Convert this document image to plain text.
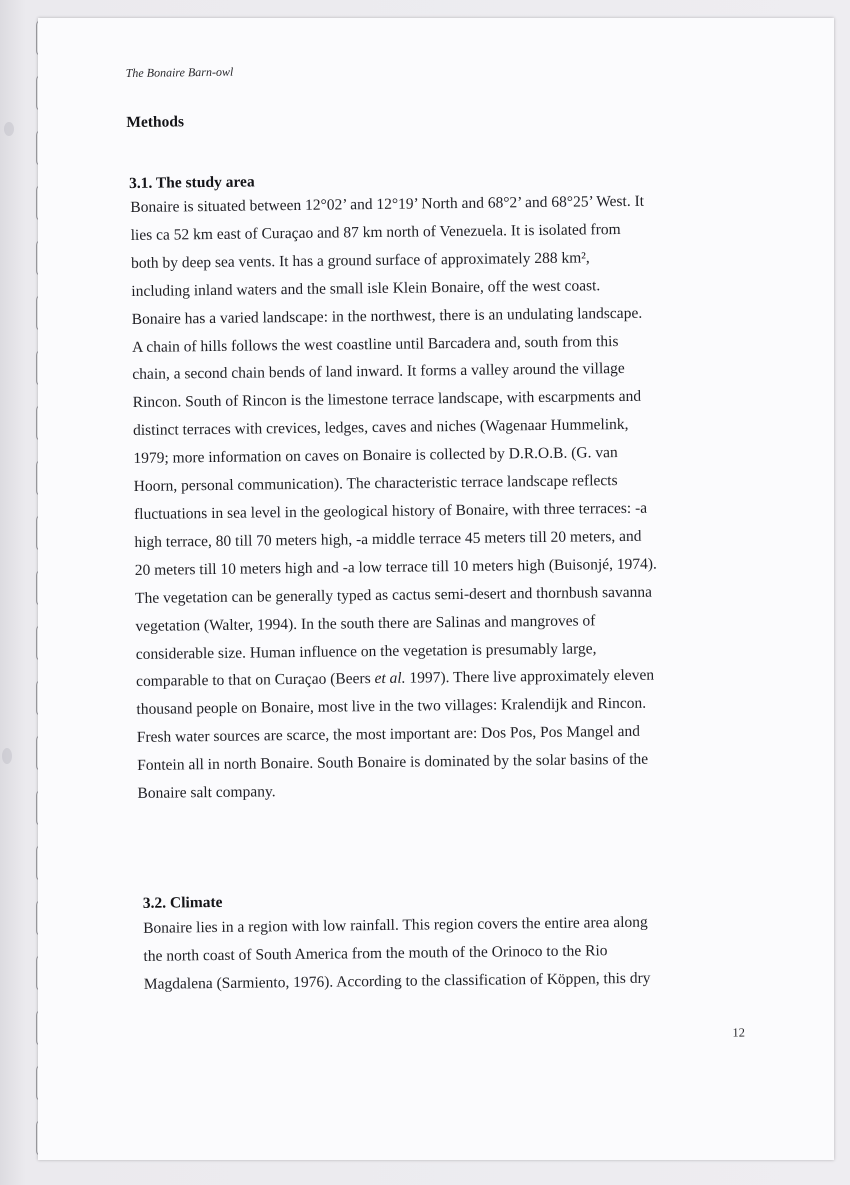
The Bonaire Barn-owl
Methods
3.1. The study area
Bonaire is situated between 12°02’ and 12°19’ North and 68°2’ and 68°25’ West. It
lies ca 52 km east of Curaçao and 87 km north of Venezuela. It is isolated from
both by deep sea vents. It has a ground surface of approximately 288 km²,
including inland waters and the small isle Klein Bonaire, off the west coast.
Bonaire has a varied landscape: in the northwest, there is an undulating landscape.
A chain of hills follows the west coastline until Barcadera and, south from this
chain, a second chain bends of land inward. It forms a valley around the village
Rincon. South of Rincon is the limestone terrace landscape, with escarpments and
distinct terraces with crevices, ledges, caves and niches (Wagenaar Hummelink,
1979; more information on caves on Bonaire is collected by D.R.O.B. (G. van
Hoorn, personal communication). The characteristic terrace landscape reflects
fluctuations in sea level in the geological history of Bonaire, with three terraces: -a
high terrace, 80 till 70 meters high, -a middle terrace 45 meters till 20 meters, and
20 meters till 10 meters high and -a low terrace till 10 meters high (Buisonjé, 1974).
The vegetation can be generally typed as cactus semi-desert and thornbush savanna
vegetation (Walter, 1994). In the south there are Salinas and mangroves of
considerable size. Human influence on the vegetation is presumably large,
comparable to that on Curaçao (Beers et al. 1997). There live approximately eleven
thousand people on Bonaire, most live in the two villages: Kralendijk and Rincon.
Fresh water sources are scarce, the most important are: Dos Pos, Pos Mangel and
Fontein all in north Bonaire. South Bonaire is dominated by the solar basins of the
Bonaire salt company.
3.2. Climate
Bonaire lies in a region with low rainfall. This region covers the entire area along
the north coast of South America from the mouth of the Orinoco to the Rio
Magdalena (Sarmiento, 1976). According to the classification of Köppen, this dry
12
